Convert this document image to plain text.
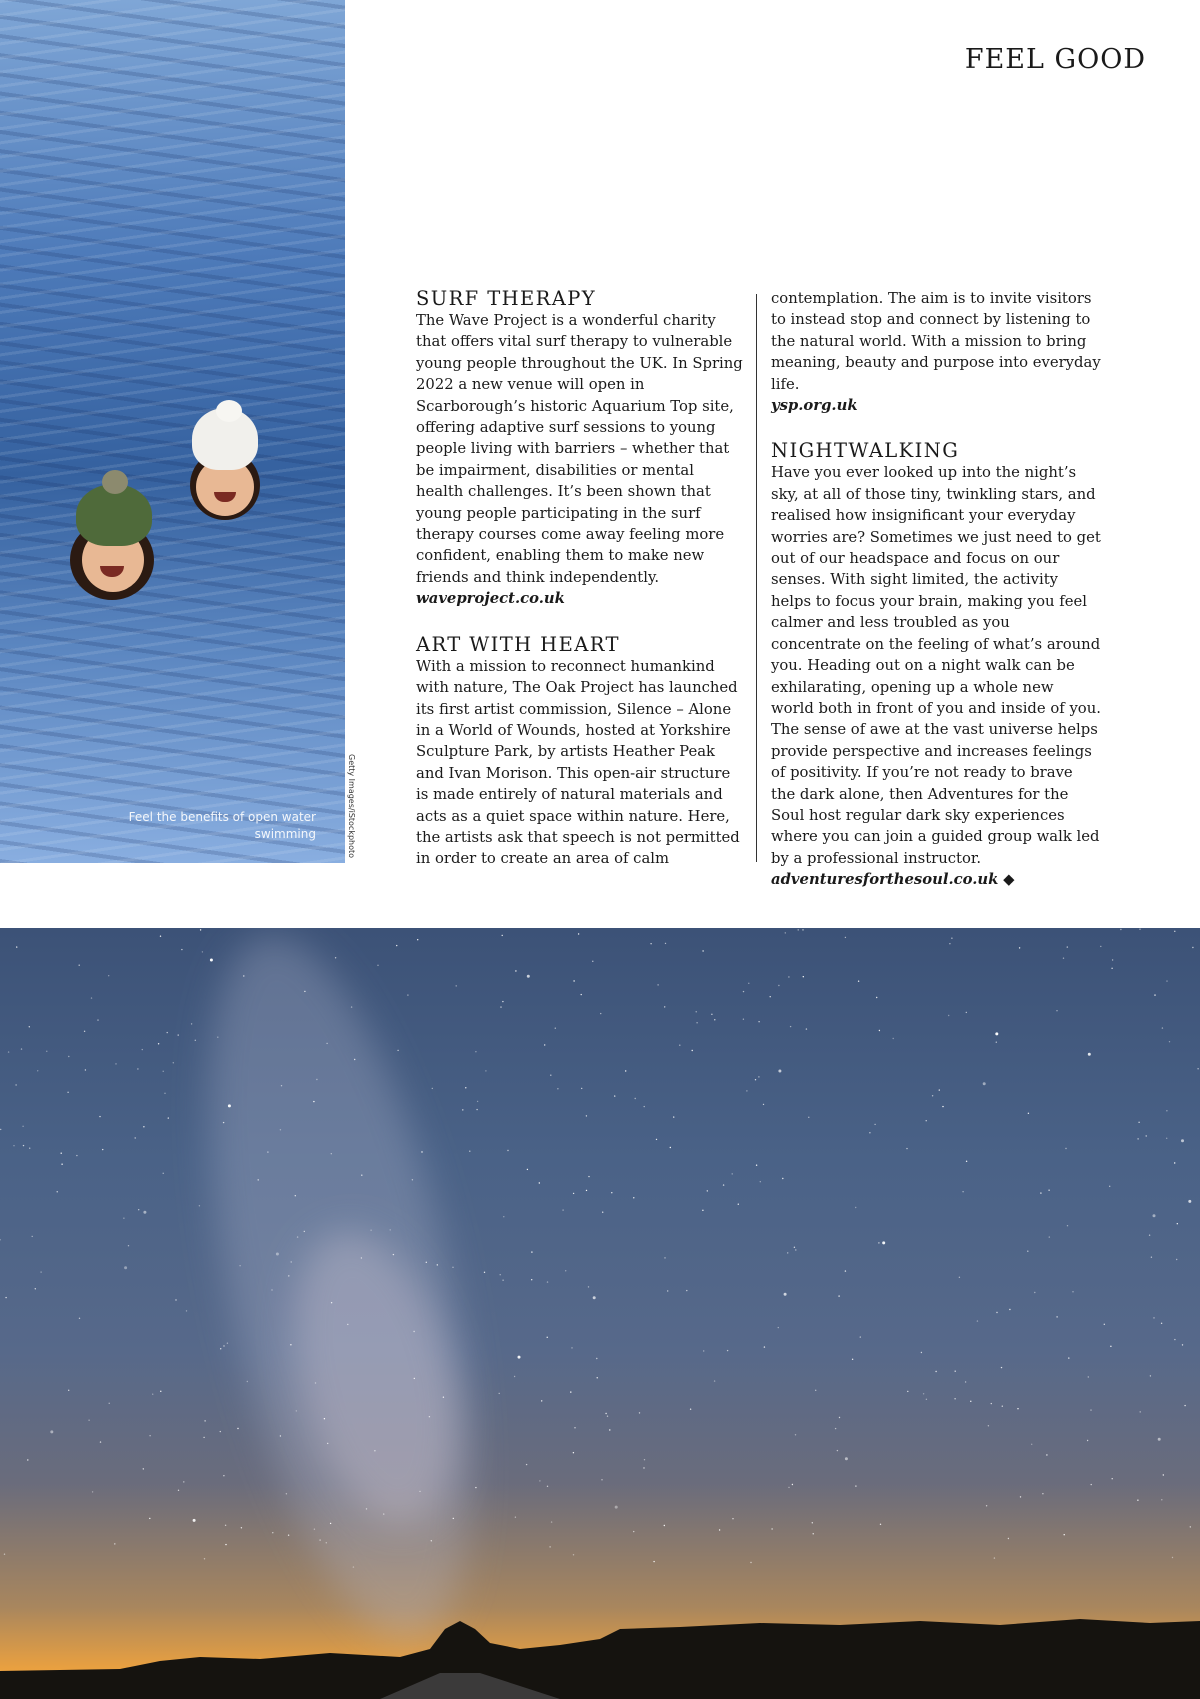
Feel the benefits of open water swimming	Getty Images/iStockphoto
FEEL GOOD
SURF THERAPY

The Wave Project is a wonderful charity that offers vital surf therapy to vulnerable young people throughout the UK. In Spring 2022 a new venue will open in Scarborough’s historic Aquarium Top site, offering adaptive surf sessions to young people living with barriers – whether that be impairment, disabilities or mental health challenges. It’s been shown that young people participating in the surf therapy courses come away feeling more confident, enabling them to make new friends and think independently.

waveproject.co.uk

ART WITH HEART

With a mission to reconnect humankind with nature, The Oak Project has launched its first artist commission, Silence – Alone in a World of Wounds, hosted at Yorkshire Sculpture Park, by artists Heather Peak and Ivan Morison. This open-air structure is made entirely of natural materials and acts as a quiet space within nature. Here, the artists ask that speech is not permitted in order to create an area of calm

contemplation. The aim is to invite visitors to instead stop and connect by listening to the natural world. With a mission to bring meaning, beauty and purpose into everyday life.

ysp.org.uk

NIGHTWALKING

Have you ever looked up into the night’s sky, at all of those tiny, twinkling stars, and realised how insignificant your everyday worries are? Sometimes we just need to get out of our headspace and focus on our senses. With sight limited, the activity helps to focus your brain, making you feel calmer and less troubled as you concentrate on the feeling of what’s around you. Heading out on a night walk can be exhilarating, opening up a whole new world both in front of you and inside of you. The sense of awe at the vast universe helps provide perspective and increases feelings of positivity. If you’re not ready to brave the dark alone, then Adventures for the Soul host regular dark sky experiences where you can join a guided group walk led by a professional instructor.

adventuresforthesoul.co.uk ◆
